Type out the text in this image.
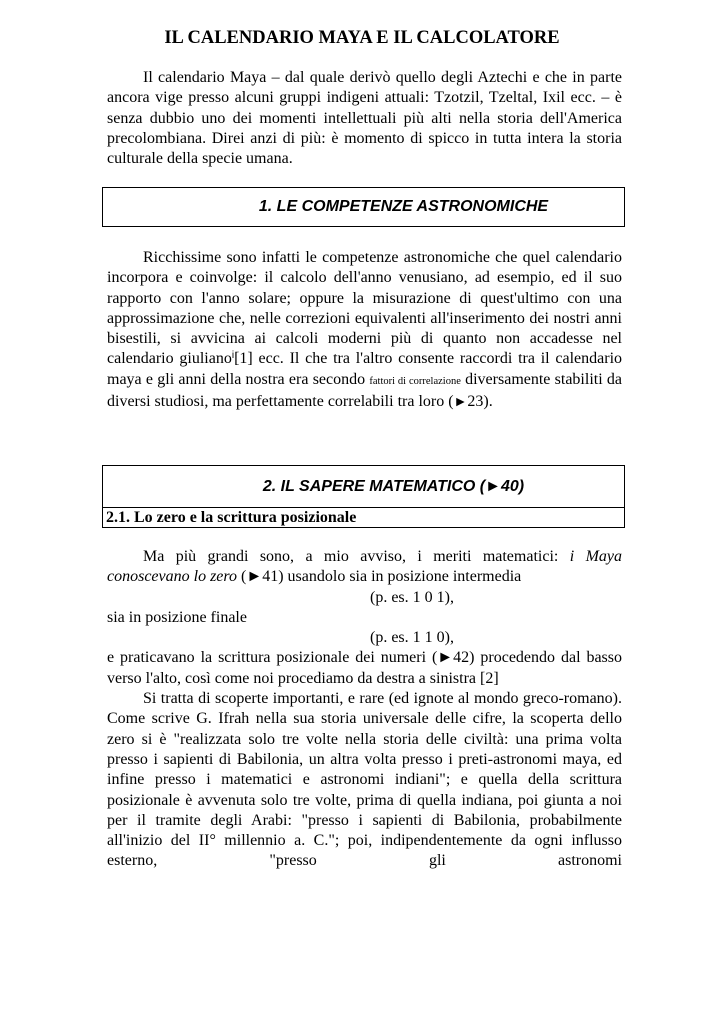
IL CALENDARIO MAYA E IL CALCOLATORE

Il calendario Maya – dal quale derivò quello degli Aztechi e che in parte ancora vige presso alcuni gruppi indigeni attuali: Tzotzil, Tzeltal, Ixil ecc. – è senza dubbio uno dei momenti intellettuali più alti nella storia dell'America precolombiana. Direi anzi di più: è momento di spicco in tutta intera la storia culturale della specie umana.

1. LE COMPETENZE ASTRONOMICHE

Ricchissime sono infatti le competenze astronomiche che quel calendario incorpora e coinvolge: il calcolo dell'anno venusiano, ad esempio, ed il suo rapporto con l'anno solare; oppure la misurazione di quest'ultimo con una approssimazione che, nelle correzioni equivalenti all'inserimento dei nostri anni bisestili, si avvicina ai calcoli moderni più di quanto non accadesse nel calendario giuliano$^i$[1] ecc. Il che tra l'altro consente raccordi tra il calendario maya e gli anni della nostra era secondo fattori di correlazione diversamente stabiliti da diversi studiosi, ma perfettamente correlabili tra loro (►23).

2. IL SAPERE MATEMATICO (►40)
2.1. Lo zero e la scrittura posizionale

Ma più grandi sono, a mio avviso, i meriti matematici: i Maya conoscevano lo zero (►41) usandolo sia in posizione intermedia

(p. es. 1 0 1),

sia in posizione finale

(p. es. 1 1 0),

e praticavano la scrittura posizionale dei numeri (►42) procedendo dal basso verso l'alto, così come noi procediamo da destra a sinistra [2]

Si tratta di scoperte importanti, e rare (ed ignote al mondo greco-romano). Come scrive G. Ifrah nella sua storia universale delle cifre, la scoperta dello zero si è "realizzata solo tre volte nella storia delle civiltà: una prima volta presso i sapienti di Babilonia, un altra volta presso i preti-astronomi maya, ed infine presso i matematici e astronomi indiani"; e quella della scrittura posizionale è avvenuta solo tre volte, prima di quella indiana, poi giunta a noi per il tramite degli Arabi: "presso i sapienti di Babilonia, probabilmente all'inizio del II° millennio a. C."; poi, indipendentemente da ogni influsso esterno, "presso gli astronomi
